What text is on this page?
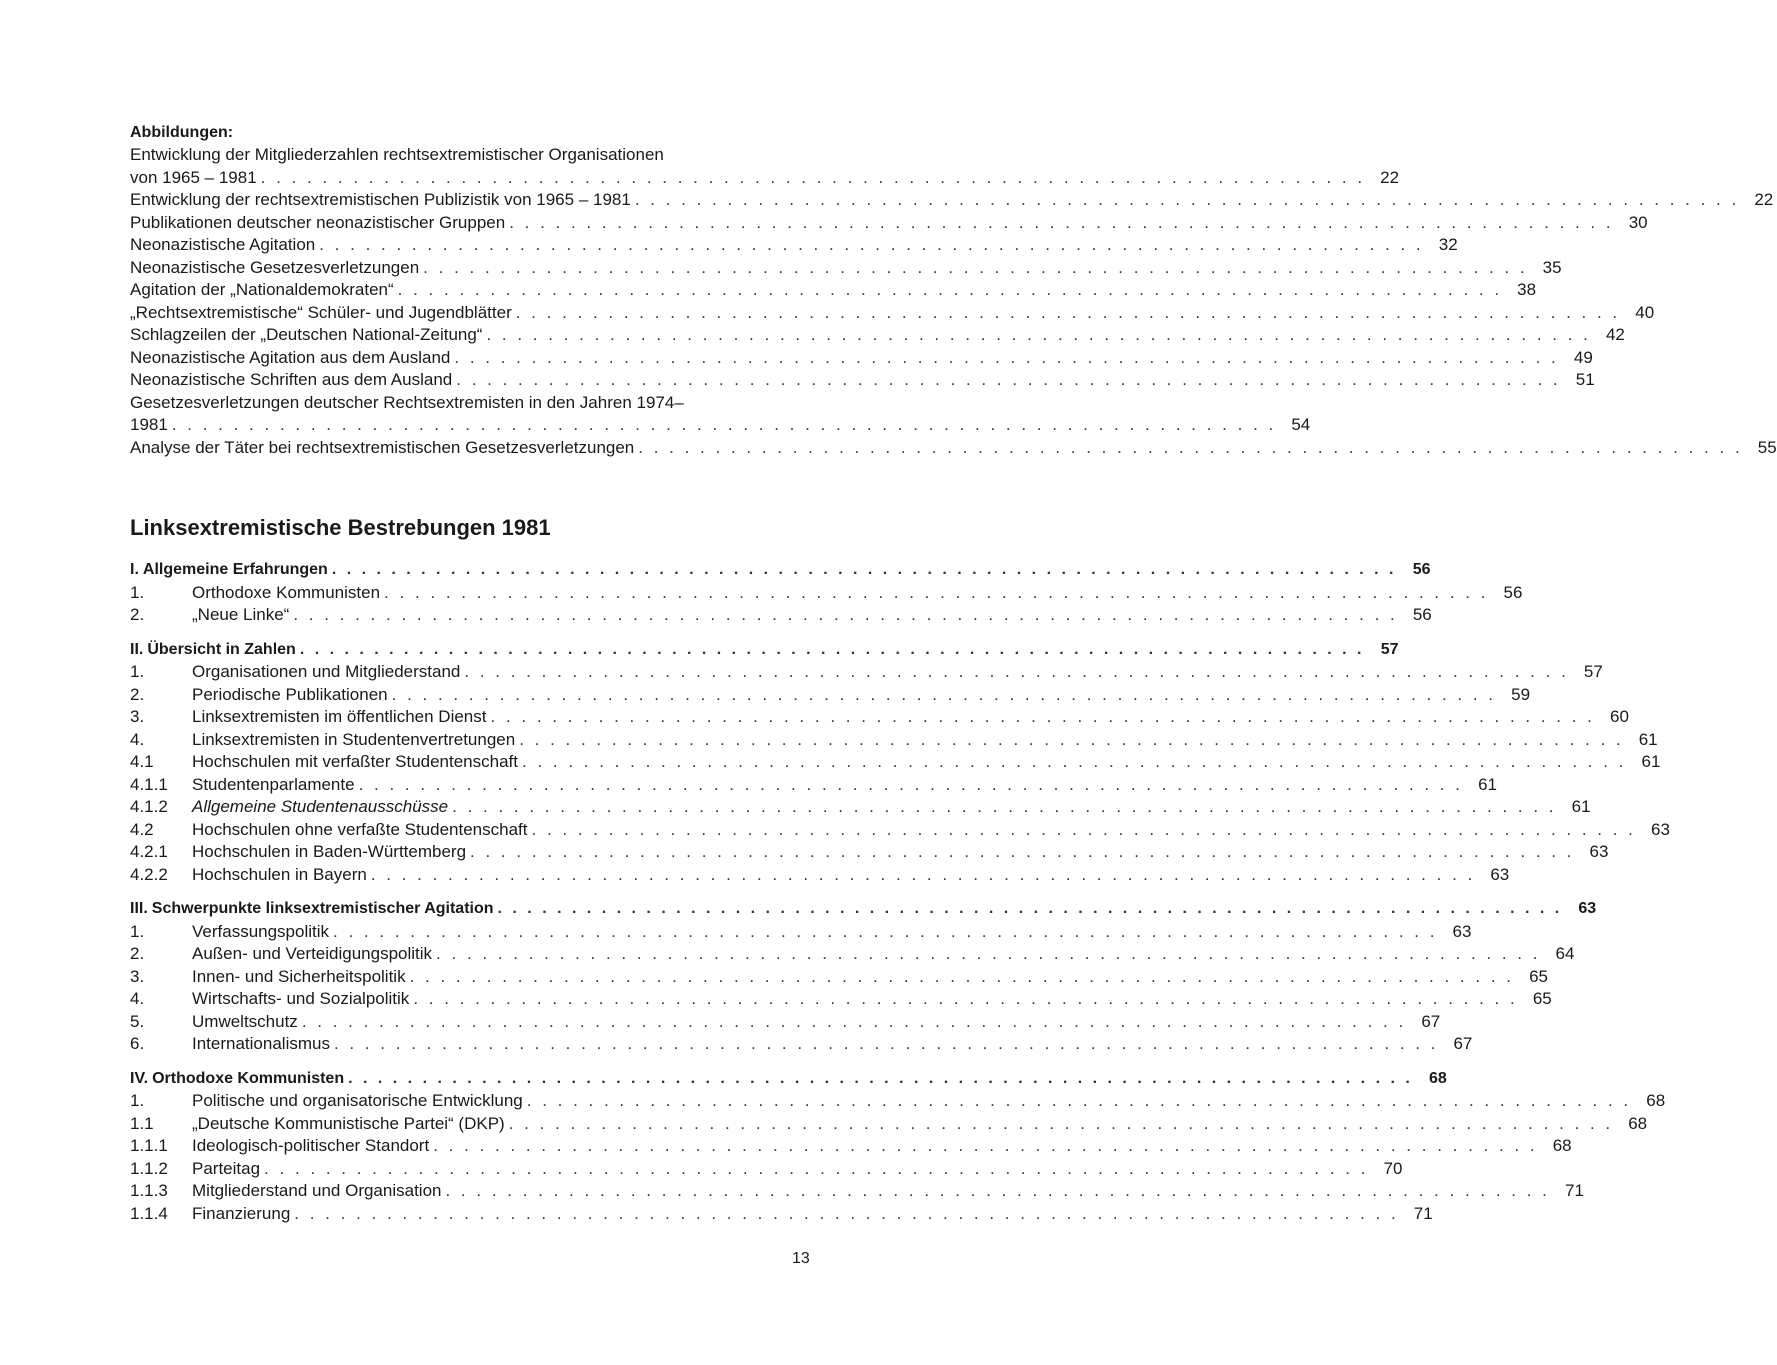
Abbildungen:
Entwicklung der Mitgliederzahlen rechtsextremistischer Organisationen
von 1965 – 1981 . . . . . . . . . . . . . . . . . . . . . . . . . . . . . . . . . . . . . . . . . . . . . . . . . . . . . . . . . . . . . . . . . . . . . . . . 22
Entwicklung der rechtsextremistischen Publizistik von 1965 – 1981 . . . . . . . . . . . . . . . . . . . . . . . . . . . . . . . . . . . . . . . . . . . . . . . . . . . . . . . . . . . . . . . . . . . . . . . . 22
Publikationen deutscher neonazistischer Gruppen . . . . . . . . . . . . . . . . . . . . . . . . . . . . . . . . . . . . . . . . . . . . . . . . . . . . . . . . . . . . . . . . . . . . . . . . 30
Neonazistische Agitation . . . . . . . . . . . . . . . . . . . . . . . . . . . . . . . . . . . . . . . . . . . . . . . . . . . . . . . . . . . . . . . . . . . . . . . . 32
Neonazistische Gesetzesverletzungen . . . . . . . . . . . . . . . . . . . . . . . . . . . . . . . . . . . . . . . . . . . . . . . . . . . . . . . . . . . . . . . . . . . . . . . . 35
Agitation der „Nationaldemokraten“ . . . . . . . . . . . . . . . . . . . . . . . . . . . . . . . . . . . . . . . . . . . . . . . . . . . . . . . . . . . . . . . . . . . . . . . . 38
„Rechtsextremistische“ Schüler- und Jugendblätter . . . . . . . . . . . . . . . . . . . . . . . . . . . . . . . . . . . . . . . . . . . . . . . . . . . . . . . . . . . . . . . . . . . . . . . . 40
Schlagzeilen der „Deutschen National-Zeitung“ . . . . . . . . . . . . . . . . . . . . . . . . . . . . . . . . . . . . . . . . . . . . . . . . . . . . . . . . . . . . . . . . . . . . . . . . 42
Neonazistische Agitation aus dem Ausland . . . . . . . . . . . . . . . . . . . . . . . . . . . . . . . . . . . . . . . . . . . . . . . . . . . . . . . . . . . . . . . . . . . . . . . . 49
Neonazistische Schriften aus dem Ausland . . . . . . . . . . . . . . . . . . . . . . . . . . . . . . . . . . . . . . . . . . . . . . . . . . . . . . . . . . . . . . . . . . . . . . . . 51
Gesetzesverletzungen deutscher Rechtsextremisten in den Jahren 1974–
1981 . . . . . . . . . . . . . . . . . . . . . . . . . . . . . . . . . . . . . . . . . . . . . . . . . . . . . . . . . . . . . . . . . . . . . . . . 54
Analyse der Täter bei rechtsextremistischen Gesetzesverletzungen . . . . . . . . . . . . . . . . . . . . . . . . . . . . . . . . . . . . . . . . . . . . . . . . . . . . . . . . . . . . . . . . . . . . . . . . 55
Linksextremistische Bestrebungen 1981
I. Allgemeine Erfahrungen . . . . . . . . . . . . . . . . . . . . . . . . . . . . . . . . . . . . . . . . . . . . . . . . . . . . . . . . . . . . . . . . . . . . . . . .	56
1.	Orthodoxe Kommunisten . . . . . . . . . . . . . . . . . . . . . . . . . . . . . . . . . . . . . . . . . . . . . . . . . . . . . . . . . . . . . . . . . . . . . . . . 56
2.	„Neue Linke“ . . . . . . . . . . . . . . . . . . . . . . . . . . . . . . . . . . . . . . . . . . . . . . . . . . . . . . . . . . . . . . . . . . . . . . . . 56
II. Übersicht in Zahlen . . . . . . . . . . . . . . . . . . . . . . . . . . . . . . . . . . . . . . . . . . . . . . . . . . . . . . . . . . . . . . . . . . . . . . . .	57
1.	Organisationen und Mitgliederstand . . . . . . . . . . . . . . . . . . . . . . . . . . . . . . . . . . . . . . . . . . . . . . . . . . . . . . . . . . . . . . . . . . . . . . . . 57
2.	Periodische Publikationen . . . . . . . . . . . . . . . . . . . . . . . . . . . . . . . . . . . . . . . . . . . . . . . . . . . . . . . . . . . . . . . . . . . . . . . . 59
3.	Linksextremisten im öffentlichen Dienst . . . . . . . . . . . . . . . . . . . . . . . . . . . . . . . . . . . . . . . . . . . . . . . . . . . . . . . . . . . . . . . . . . . . . . . . 60
4.	Linksextremisten in Studentenvertretungen . . . . . . . . . . . . . . . . . . . . . . . . . . . . . . . . . . . . . . . . . . . . . . . . . . . . . . . . . . . . . . . . . . . . . . . . 61
4.1	Hochschulen mit verfaßter Studentenschaft . . . . . . . . . . . . . . . . . . . . . . . . . . . . . . . . . . . . . . . . . . . . . . . . . . . . . . . . . . . . . . . . . . . . . . . . 61
4.1.1	Studentenparlamente . . . . . . . . . . . . . . . . . . . . . . . . . . . . . . . . . . . . . . . . . . . . . . . . . . . . . . . . . . . . . . . . . . . . . . . . 61
4.1.2	Allgemeine Studentenausschüsse . . . . . . . . . . . . . . . . . . . . . . . . . . . . . . . . . . . . . . . . . . . . . . . . . . . . . . . . . . . . . . . . . . . . . . . . 61
4.2	Hochschulen ohne verfaßte Studentenschaft . . . . . . . . . . . . . . . . . . . . . . . . . . . . . . . . . . . . . . . . . . . . . . . . . . . . . . . . . . . . . . . . . . . . . . . . 63
4.2.1	Hochschulen in Baden-Württemberg . . . . . . . . . . . . . . . . . . . . . . . . . . . . . . . . . . . . . . . . . . . . . . . . . . . . . . . . . . . . . . . . . . . . . . . . 63
4.2.2	Hochschulen in Bayern . . . . . . . . . . . . . . . . . . . . . . . . . . . . . . . . . . . . . . . . . . . . . . . . . . . . . . . . . . . . . . . . . . . . . . . . 63
III. Schwerpunkte linksextremistischer Agitation . . . . . . . . . . . . . . . . . . . . . . . . . . . . . . . . . . . . . . . . . . . . . . . . . . . . . . . . . . . . . . . . . . . . . . . .	63
1.	Verfassungspolitik . . . . . . . . . . . . . . . . . . . . . . . . . . . . . . . . . . . . . . . . . . . . . . . . . . . . . . . . . . . . . . . . . . . . . . . . 63
2.	Außen- und Verteidigungspolitik . . . . . . . . . . . . . . . . . . . . . . . . . . . . . . . . . . . . . . . . . . . . . . . . . . . . . . . . . . . . . . . . . . . . . . . . 64
3.	Innen- und Sicherheitspolitik . . . . . . . . . . . . . . . . . . . . . . . . . . . . . . . . . . . . . . . . . . . . . . . . . . . . . . . . . . . . . . . . . . . . . . . . 65
4.	Wirtschafts- und Sozialpolitik . . . . . . . . . . . . . . . . . . . . . . . . . . . . . . . . . . . . . . . . . . . . . . . . . . . . . . . . . . . . . . . . . . . . . . . . 65
5.	Umweltschutz . . . . . . . . . . . . . . . . . . . . . . . . . . . . . . . . . . . . . . . . . . . . . . . . . . . . . . . . . . . . . . . . . . . . . . . . 67
6.	Internationalismus . . . . . . . . . . . . . . . . . . . . . . . . . . . . . . . . . . . . . . . . . . . . . . . . . . . . . . . . . . . . . . . . . . . . . . . . 67
IV. Orthodoxe Kommunisten . . . . . . . . . . . . . . . . . . . . . . . . . . . . . . . . . . . . . . . . . . . . . . . . . . . . . . . . . . . . . . . . . . . . . . . .	68
1.	Politische und organisatorische Entwicklung . . . . . . . . . . . . . . . . . . . . . . . . . . . . . . . . . . . . . . . . . . . . . . . . . . . . . . . . . . . . . . . . . . . . . . . . 68
1.1	„Deutsche Kommunistische Partei“ (DKP) . . . . . . . . . . . . . . . . . . . . . . . . . . . . . . . . . . . . . . . . . . . . . . . . . . . . . . . . . . . . . . . . . . . . . . . . 68
1.1.1	Ideologisch-politischer Standort . . . . . . . . . . . . . . . . . . . . . . . . . . . . . . . . . . . . . . . . . . . . . . . . . . . . . . . . . . . . . . . . . . . . . . . . 68
1.1.2	Parteitag . . . . . . . . . . . . . . . . . . . . . . . . . . . . . . . . . . . . . . . . . . . . . . . . . . . . . . . . . . . . . . . . . . . . . . . . 70
1.1.3	Mitgliederstand und Organisation . . . . . . . . . . . . . . . . . . . . . . . . . . . . . . . . . . . . . . . . . . . . . . . . . . . . . . . . . . . . . . . . . . . . . . . . 71
1.1.4	Finanzierung . . . . . . . . . . . . . . . . . . . . . . . . . . . . . . . . . . . . . . . . . . . . . . . . . . . . . . . . . . . . . . . . . . . . . . . . 71
13
